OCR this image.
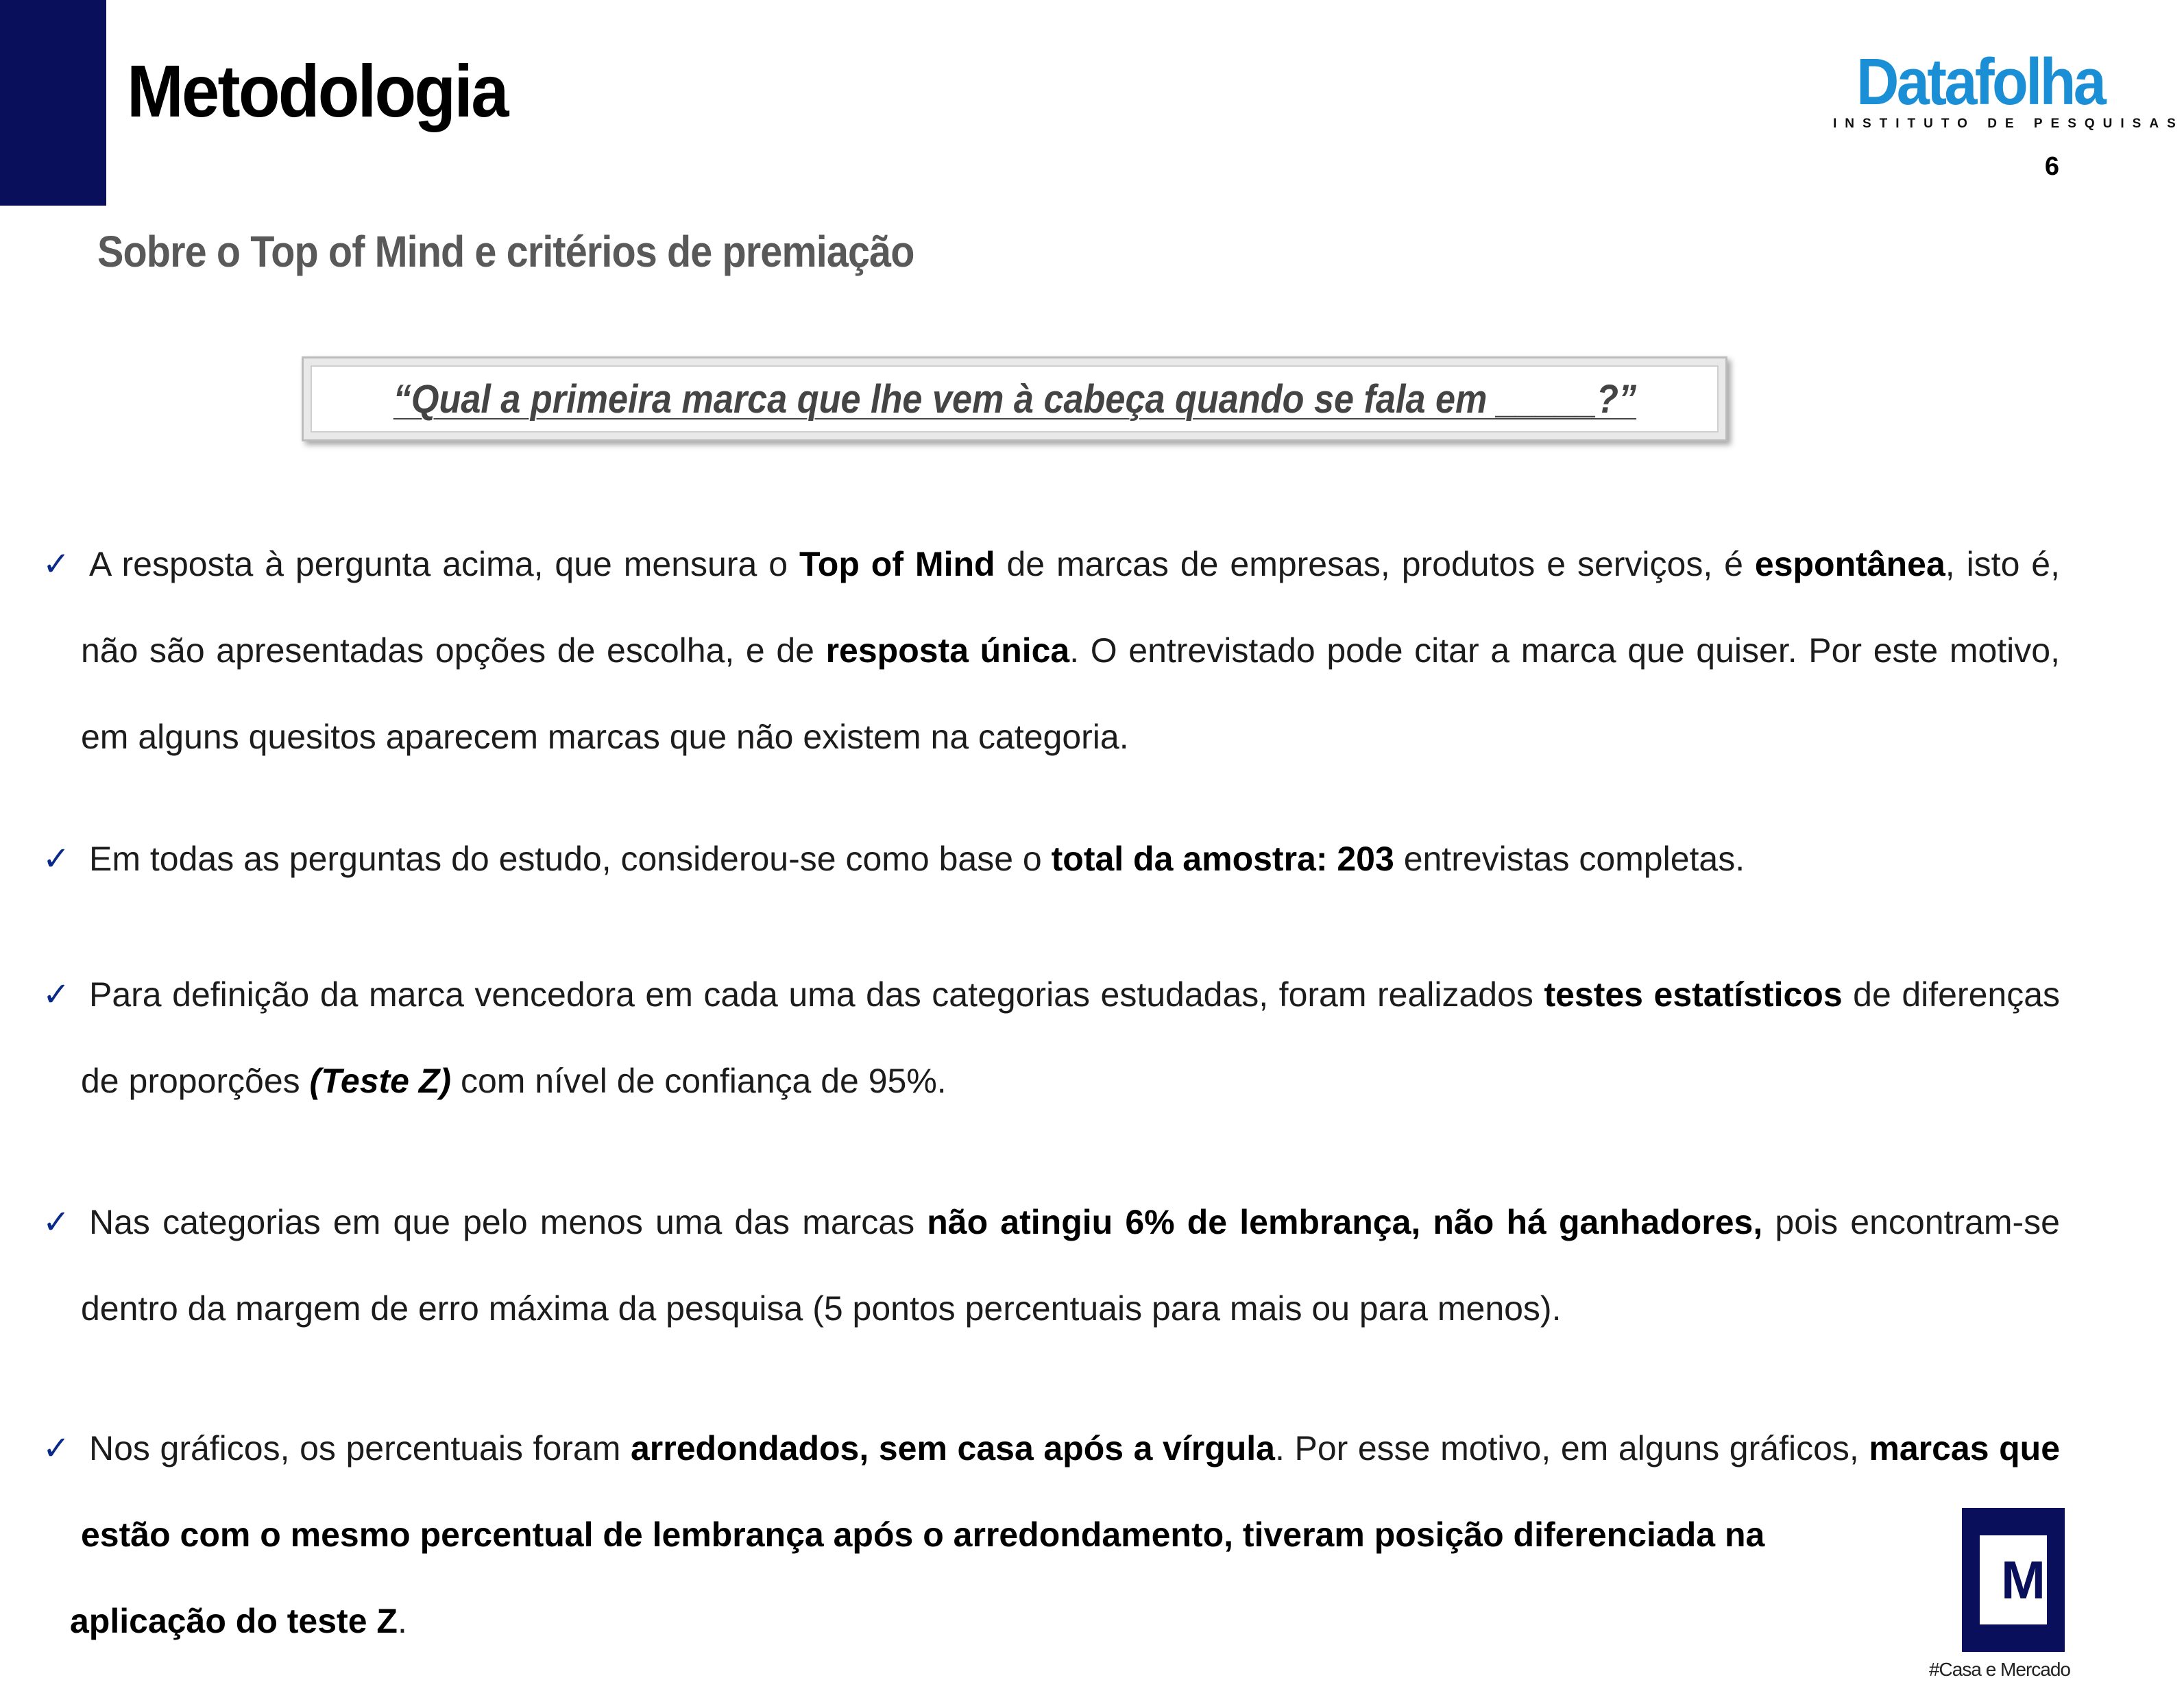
Metodologia	Datafolha
INSTITUTO DE PESQUISAS
6
Sobre o Top of Mind e critérios de premiação
“Qual a primeira marca que lhe vem à cabeça quando se fala em _____?”
✓ A resposta à pergunta acima, que mensura o Top of Mind de marcas de empresas, produtos e serviços, é espontânea, isto é, não são apresentadas opções de escolha, e de resposta única. O entrevistado pode citar a marca que quiser. Por este motivo, em alguns quesitos aparecem marcas que não existem na categoria.
✓ Em todas as perguntas do estudo, considerou-se como base o total da amostra: 203 entrevistas completas.
✓ Para definição da marca vencedora em cada uma das categorias estudadas, foram realizados testes estatísticos de diferenças de proporções (Teste Z) com nível de confiança de 95%.
✓ Nas categorias em que pelo menos uma das marcas não atingiu 6% de lembrança, não há ganhadores, pois encontram-se dentro da margem de erro máxima da pesquisa (5 pontos percentuais para mais ou para menos).
✓ Nos gráficos, os percentuais foram arredondados, sem casa após a vírgula. Por esse motivo, em alguns gráficos, marcas que estão com o mesmo percentual de lembrança após o arredondamento, tiveram posição diferenciada na
aplicação do teste Z.
M
#Casa e Mercado
